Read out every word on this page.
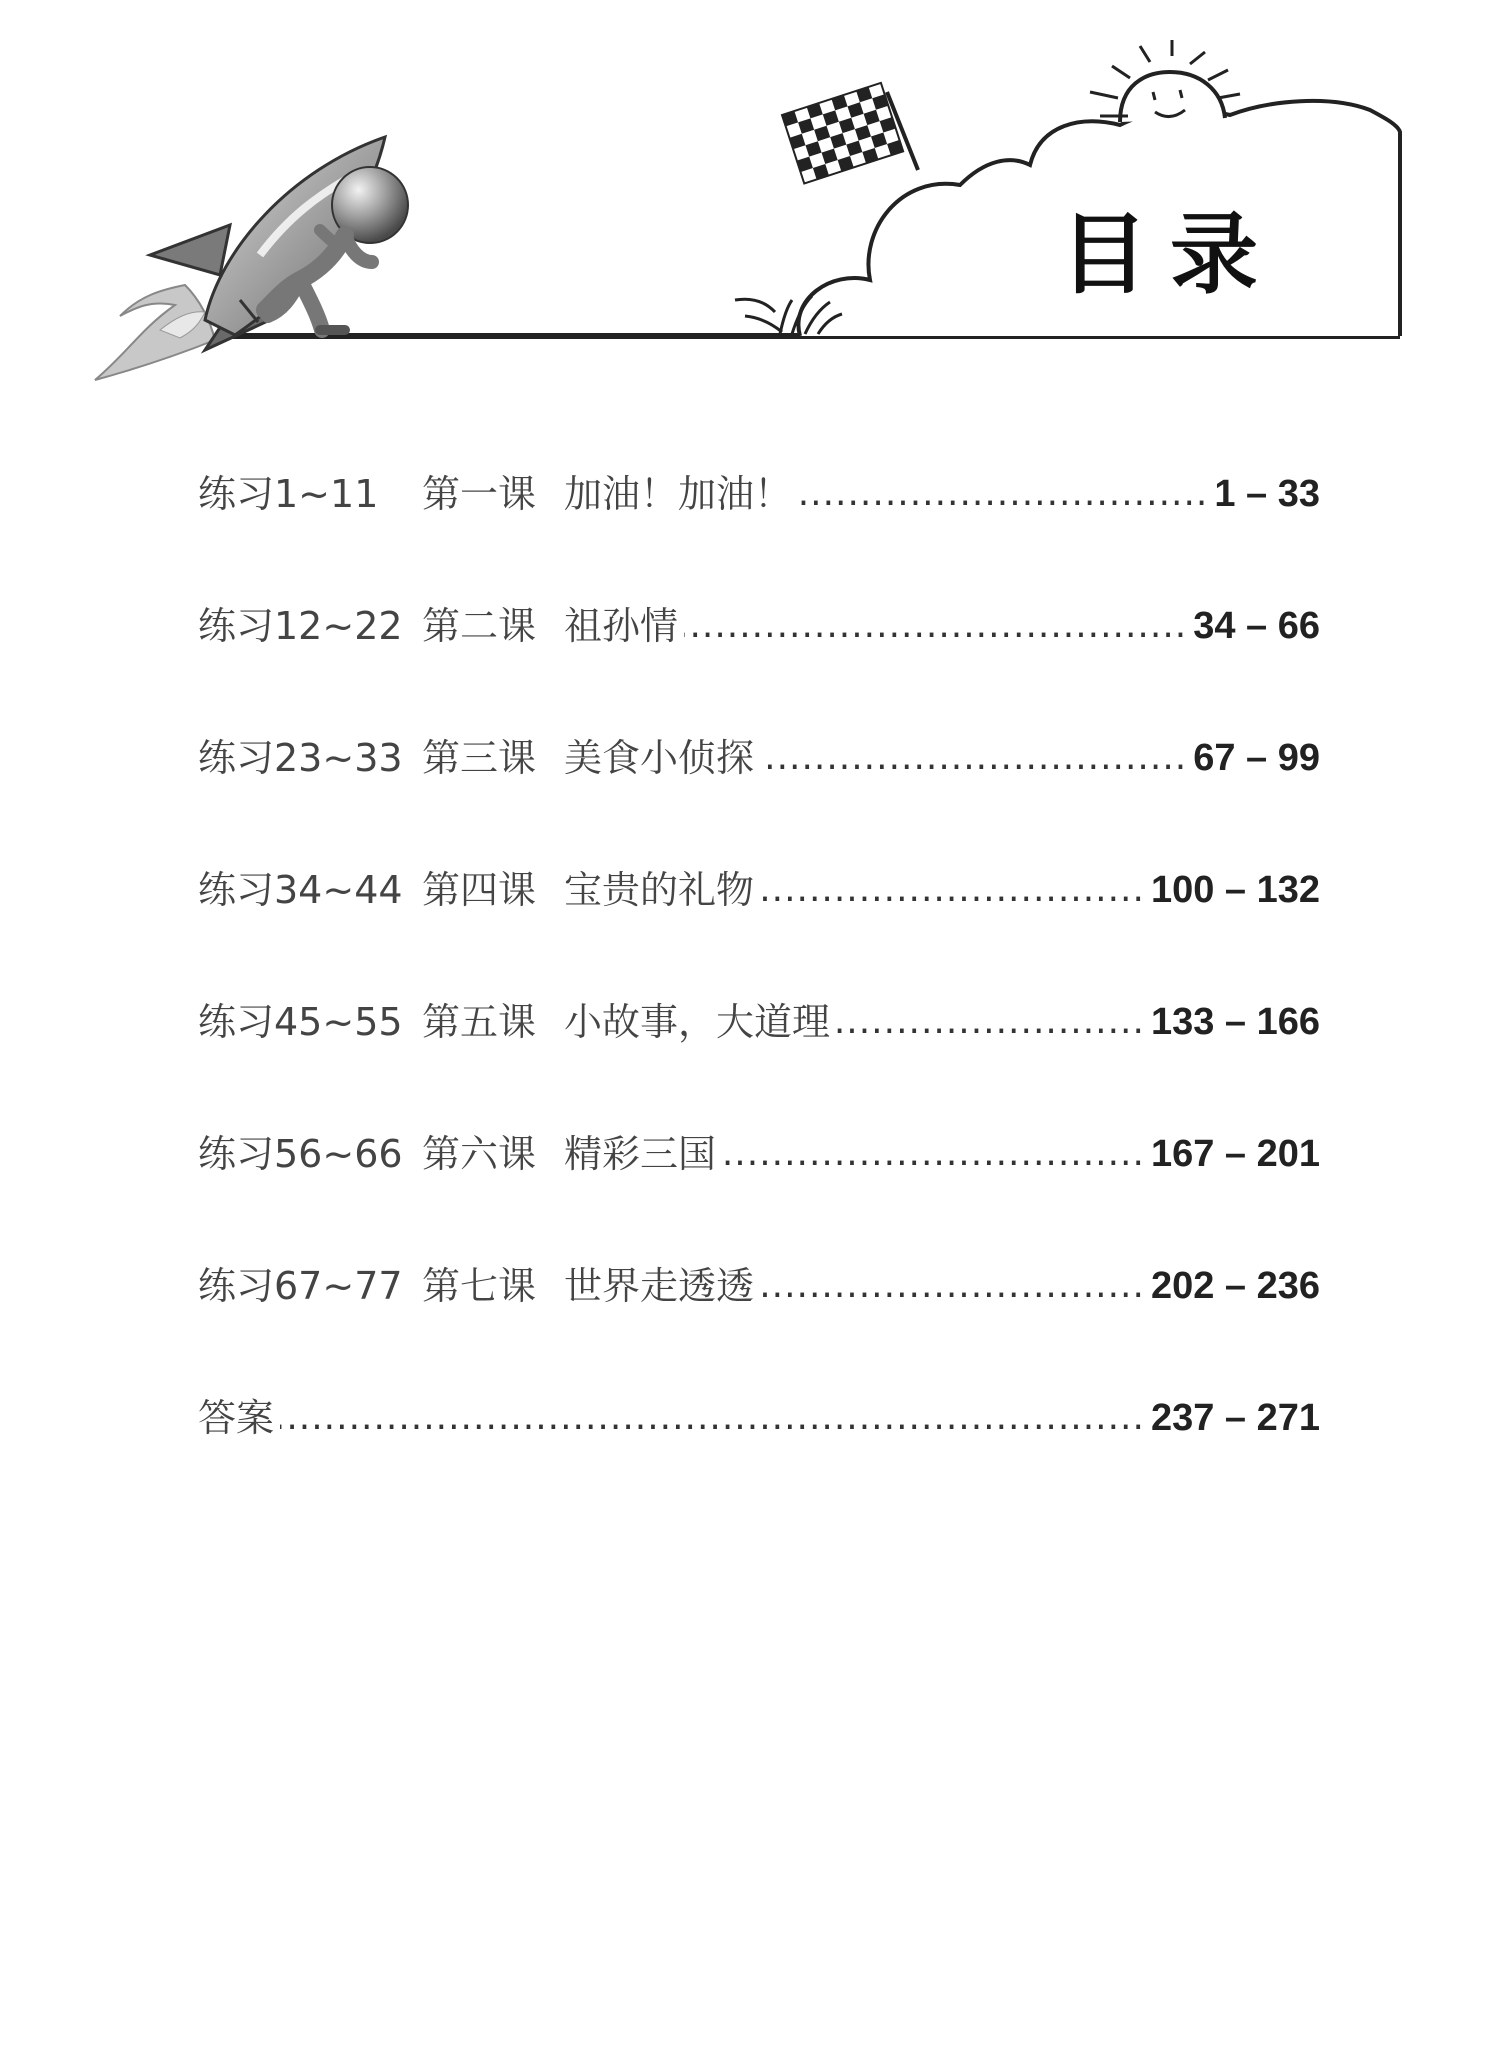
目录
练习1~11	第一课 加油！加油！ .....	1 – 33
练习12~22 第二课 祖孙情 .....	34 – 66
练习23~33 第三课 美食小侦探 .....	67 – 99
练习34~44 第四课 宝贵的礼物 .....	100 – 132
练习45~55 第五课 小故事，大道理 .....	133 – 166
练习56~66 第六课 精彩三国 .....	167 – 201
练习67~77 第七课 世界走透透 .....	202 – 236
答案 .....	237 – 271
